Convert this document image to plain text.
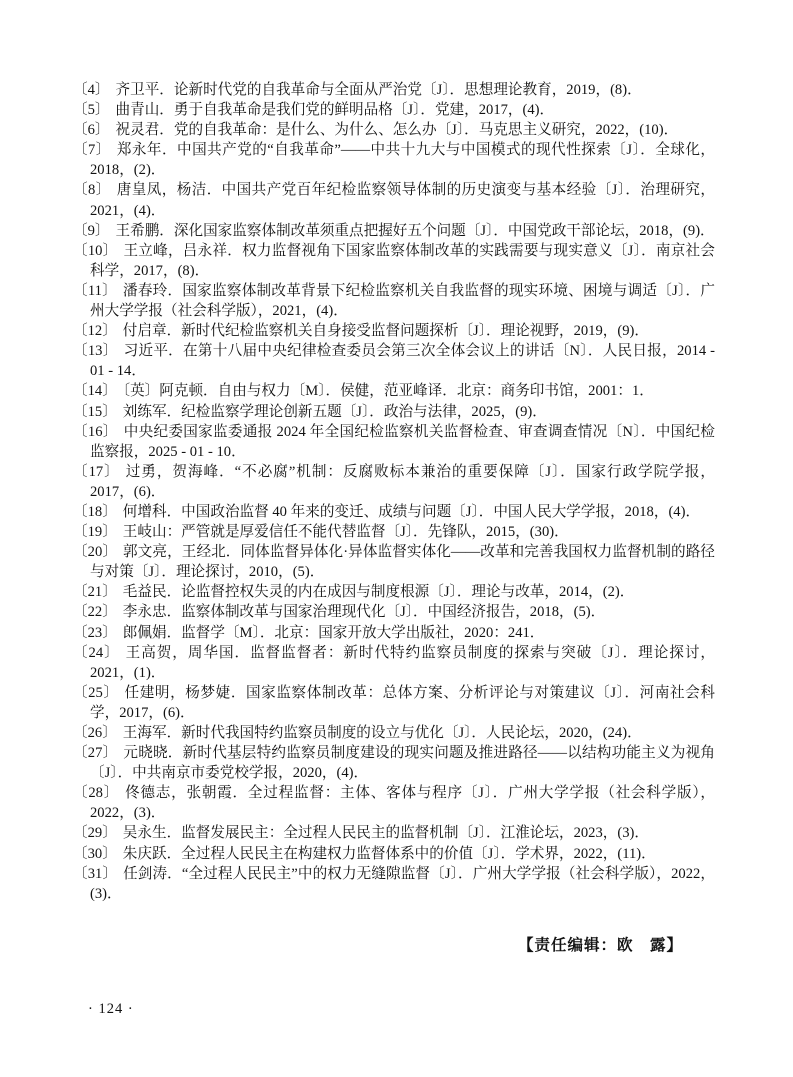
〔4〕 齐卫平．论新时代党的自我革命与全面从严治党〔J〕．思想理论教育，2019，(8)．

〔5〕 曲青山．勇于自我革命是我们党的鲜明品格〔J〕．党建，2017，(4)．

〔6〕 祝灵君．党的自我革命：是什么、为什么、怎么办〔J〕．马克思主义研究，2022，(10)．

〔7〕 郑永年．中国共产党的“自我革命”——中共十九大与中国模式的现代性探索〔J〕．全球化，2018，(2)．

〔8〕 唐皇凤，杨洁．中国共产党百年纪检监察领导体制的历史演变与基本经验〔J〕．治理研究，2021，(4)．

〔9〕 王希鹏．深化国家监察体制改革须重点把握好五个问题〔J〕．中国党政干部论坛，2018，(9)．

〔10〕 王立峰，吕永祥．权力监督视角下国家监察体制改革的实践需要与现实意义〔J〕．南京社会科学，2017，(8)．

〔11〕 潘春玲．国家监察体制改革背景下纪检监察机关自我监督的现实环境、困境与调适〔J〕．广州大学学报（社会科学版），2021，(4)．

〔12〕 付启章．新时代纪检监察机关自身接受监督问题探析〔J〕．理论视野，2019，(9)．

〔13〕 习近平．在第十八届中央纪律检查委员会第三次全体会议上的讲话〔N〕．人民日报，2014 - 01 - 14．

〔14〕 〔英〕阿克顿．自由与权力〔M〕．侯健，范亚峰译．北京：商务印书馆，2001：1．

〔15〕 刘练军．纪检监察学理论创新五题〔J〕．政治与法律，2025，(9)．

〔16〕 中央纪委国家监委通报 2024 年全国纪检监察机关监督检查、审查调查情况〔N〕．中国纪检监察报，2025 - 01 - 10．

〔17〕 过勇，贺海峰．“不必腐”机制：反腐败标本兼治的重要保障〔J〕．国家行政学院学报，2017，(6)．

〔18〕 何增科．中国政治监督 40 年来的变迁、成绩与问题〔J〕．中国人民大学学报，2018，(4)．

〔19〕 王岐山：严管就是厚爱信任不能代替监督〔J〕．先锋队，2015，(30)．

〔20〕 郭文亮，王经北．同体监督异体化·异体监督实体化——改革和完善我国权力监督机制的路径与对策〔J〕．理论探讨，2010，(5)．

〔21〕 毛益民．论监督控权失灵的内在成因与制度根源〔J〕．理论与改革，2014，(2)．

〔22〕 李永忠．监察体制改革与国家治理现代化〔J〕．中国经济报告，2018，(5)．

〔23〕 郎佩娟．监督学〔M〕．北京：国家开放大学出版社，2020：241．

〔24〕 王高贺，周华国．监督监督者：新时代特约监察员制度的探索与突破〔J〕．理论探讨，2021，(1)．

〔25〕 任建明，杨梦婕．国家监察体制改革：总体方案、分析评论与对策建议〔J〕．河南社会科学，2017，(6)．

〔26〕 王海军．新时代我国特约监察员制度的设立与优化〔J〕．人民论坛，2020，(24)．

〔27〕 元晓晓．新时代基层特约监察员制度建设的现实问题及推进路径——以结构功能主义为视角〔J〕．中共南京市委党校学报，2020，(4)．

〔28〕 佟德志，张朝霞．全过程监督：主体、客体与程序〔J〕．广州大学学报（社会科学版），2022，(3)．

〔29〕 吴永生．监督发展民主：全过程人民民主的监督机制〔J〕．江淮论坛，2023，(3)．

〔30〕 朱庆跃．全过程人民民主在构建权力监督体系中的价值〔J〕．学术界，2022，(11)．

〔31〕 任剑涛．“全过程人民民主”中的权力无缝隙监督〔J〕．广州大学学报（社会科学版），2022，(3)．

【责任编辑：欧　露】
· 124 ·
